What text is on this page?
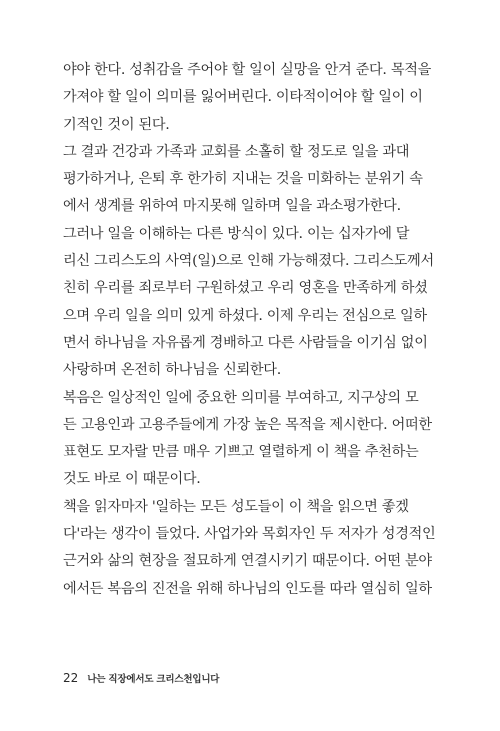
야야 한다. 성취감을 주어야 할 일이 실망을 안겨 준다. 목적을
가져야 할 일이 의미를 잃어버린다. 이타적이어야 할 일이 이
기적인 것이 된다.
그 결과 건강과 가족과 교회를 소홀히 할 정도로 일을 과대
평가하거나, 은퇴 후 한가히 지내는 것을 미화하는 분위기 속
에서 생계를 위하여 마지못해 일하며 일을 과소평가한다.
그러나 일을 이해하는 다른 방식이 있다. 이는 십자가에 달
리신 그리스도의 사역(일)으로 인해 가능해졌다. 그리스도께서
친히 우리를 죄로부터 구원하셨고 우리 영혼을 만족하게 하셨
으며 우리 일을 의미 있게 하셨다. 이제 우리는 전심으로 일하
면서 하나님을 자유롭게 경배하고 다른 사람들을 이기심 없이
사랑하며 온전히 하나님을 신뢰한다.
복음은 일상적인 일에 중요한 의미를 부여하고, 지구상의 모
든 고용인과 고용주들에게 가장 높은 목적을 제시한다. 어떠한
표현도 모자랄 만큼 매우 기쁘고 열렬하게 이 책을 추천하는
것도 바로 이 때문이다.
책을 읽자마자 '일하는 모든 성도들이 이 책을 읽으면 좋겠
다'라는 생각이 들었다. 사업가와 목회자인 두 저자가 성경적인
근거와 삶의 현장을 절묘하게 연결시키기 때문이다. 어떤 분야
에서든 복음의 진전을 위해 하나님의 인도를 따라 열심히 일하
22 나는 직장에서도 크리스천입니다
